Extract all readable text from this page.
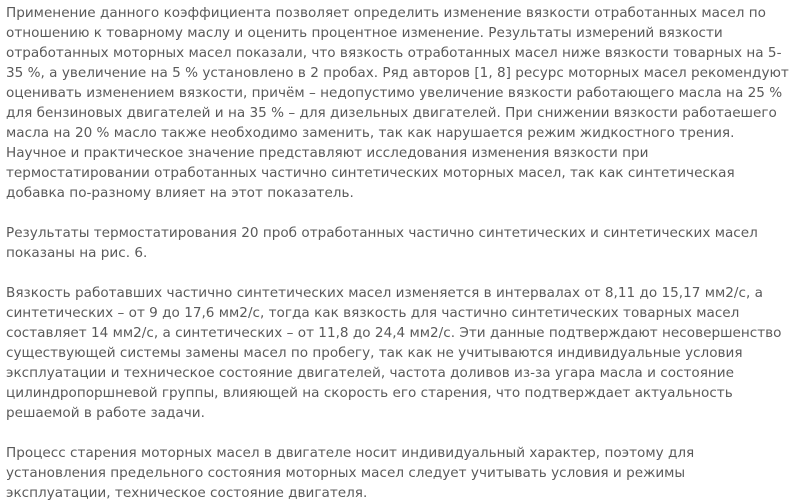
Применение данного коэффициента позволяет определить изменение вязкости отработанных масел по отношению к товарному маслу и оценить процентное изменение. Результаты измерений вязкости отработанных моторных масел показали, что вязкость отработанных масел ниже вязкости товарных на 5-35 %, а увеличение на 5 % установлено в 2 пробах. Ряд авторов [1, 8] ресурс моторных масел рекомендуют оценивать изменением вязкости, причём – недопустимо увеличение вязкости работающего масла на 25 % для бензиновых двигателей и на 35 % – для дизельных двигателей. При снижении вязкости работаешего масла на 20 % масло также необходимо заменить, так как нарушается режим жидкостного трения. Научное и практическое значение представляют исследования изменения вязкости при термостатировании отработанных частично синтетических моторных масел, так как синтетическая добавка по-разному влияет на этот показатель.

Результаты термостатирования 20 проб отработанных частично синтетических и синтетических масел показаны на рис. 6.

Вязкость работавших частично синтетических масел изменяется в интервалах от 8,11 до 15,17 мм2/с, а синтетических – от 9 до 17,6 мм2/с, тогда как вязкость для частично синтетических товарных масел составляет 14 мм2/с, а синтетических – от 11,8 до 24,4 мм2/с. Эти данные подтверждают несовершенство существующей системы замены масел по пробегу, так как не учитываются индивидуальные условия эксплуатации и техническое состояние двигателей, частота доливов из-за угара масла и состояние цилиндропоршневой группы, влияющей на скорость его старения, что подтверждает актуальность решаемой в работе задачи.

Процесс старения моторных масел в двигателе носит индивидуальный характер, поэтому для установления предельного состояния моторных масел следует учитывать условия и режимы эксплуатации, техническое состояние двигателя.
